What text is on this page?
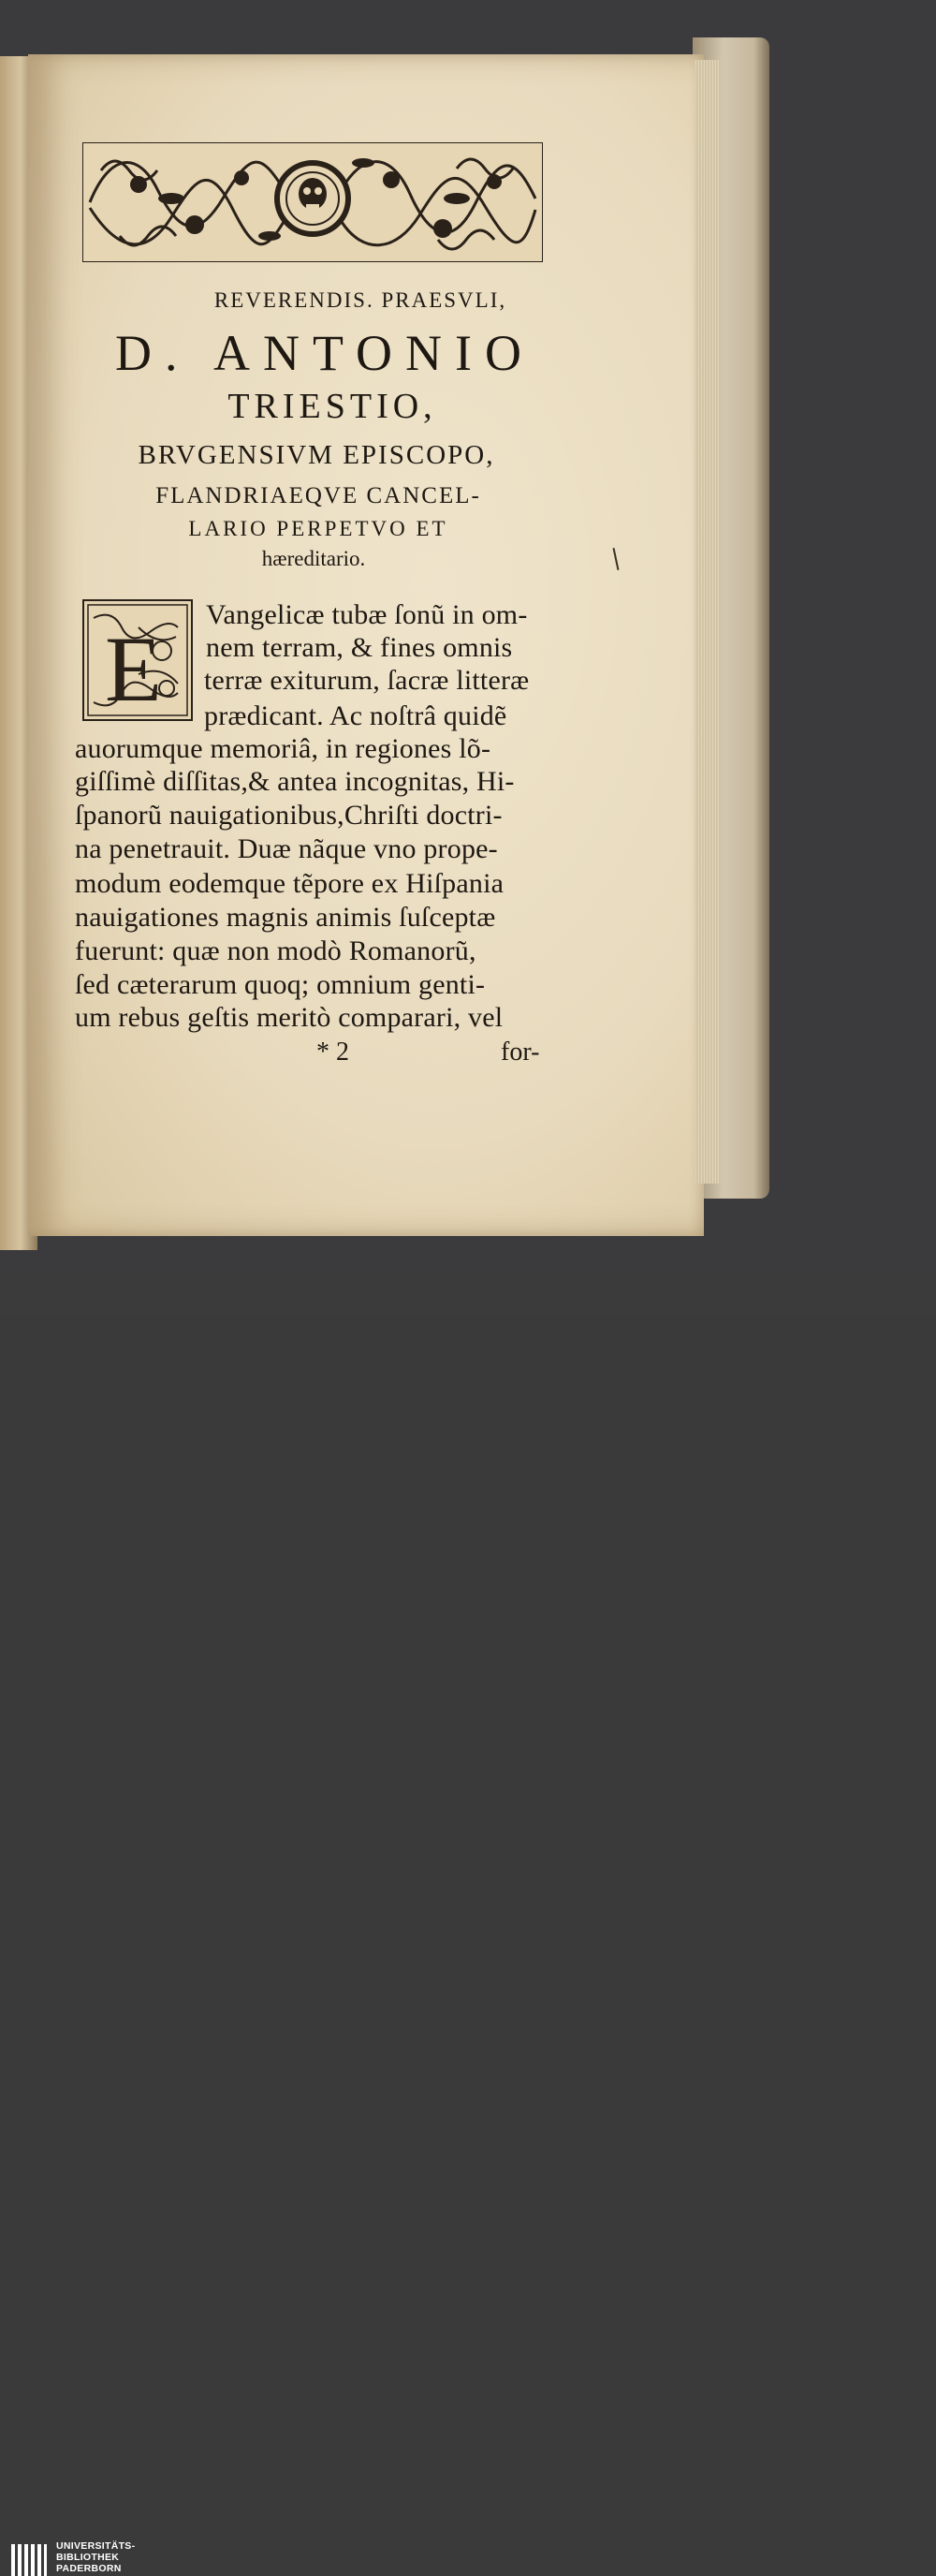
REVERENDIS. PRAESVLI,
D. ANTONIO
TRIESTIO,
BRVGENSIVM EPISCOPO,
FLANDRIAEQVE CANCEL-
LARIO PERPETVO ET
hæreditario.
E
Vangelicæ tubæ ſonũ in om-
nem terram, & fines omnis
terræ exiturum, ſacræ litteræ
prædicant. Ac noſtrâ quidẽ
auorumque memoriâ, in regiones lõ-
giſſimè diſſitas,& antea incognitas, Hi-
ſpanorũ nauigationibus,Chriſti doctri-
na penetrauit. Duæ nãque vno prope-
modum eodemque tẽpore ex Hiſpania
nauigationes magnis animis ſuſceptæ
fuerunt: quæ non modò Romanorũ,
ſed cæterarum quoq; omnium genti-
um rebus geſtis meritò comparari, vel
* 2	for-
UNIVERSITÄTS-
BIBLIOTHEK
PADERBORN
